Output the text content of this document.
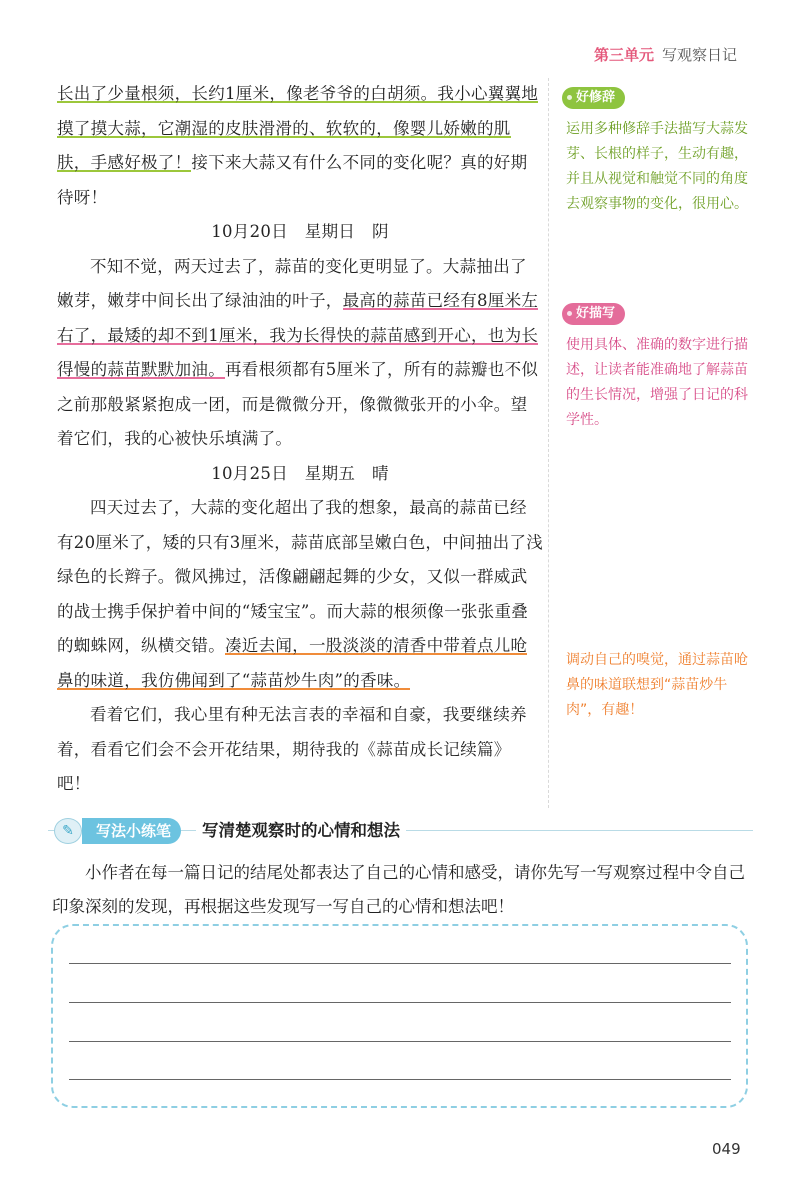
第三单元 写观察日记

长出了少量根须，长约1厘米，像老爷爷的白胡须。我小心翼翼地摸了摸大蒜，它潮湿的皮肤滑滑的、软软的，像婴儿娇嫩的肌肤，手感好极了！接下来大蒜又有什么不同的变化呢？真的好期待呀！

10月20日　星期日　阴

不知不觉，两天过去了，蒜苗的变化更明显了。大蒜抽出了嫩芽，嫩芽中间长出了绿油油的叶子，最高的蒜苗已经有8厘米左右了，最矮的却不到1厘米，我为长得快的蒜苗感到开心，也为长得慢的蒜苗默默加油。再看根须都有5厘米了，所有的蒜瓣也不似之前那般紧紧抱成一团，而是微微分开，像微微张开的小伞。望着它们，我的心被快乐填满了。

10月25日　星期五　晴

四天过去了，大蒜的变化超出了我的想象，最高的蒜苗已经有20厘米了，矮的只有3厘米，蒜苗底部呈嫩白色，中间抽出了浅绿色的长辫子。微风拂过，活像翩翩起舞的少女，又似一群威武的战士携手保护着中间的“矮宝宝”。而大蒜的根须像一张张重叠的蜘蛛网，纵横交错。凑近去闻，一股淡淡的清香中带着点儿呛鼻的味道，我仿佛闻到了“蒜苗炒牛肉”的香味。

看着它们，我心里有种无法言表的幸福和自豪，我要继续养着，看看它们会不会开花结果，期待我的《蒜苗成长记续篇》吧！

好修辞
运用多种修辞手法描写大蒜发芽、长根的样子，生动有趣，并且从视觉和触觉不同的角度去观察事物的变化，很用心。
好描写
使用具体、准确的数字进行描述，让读者能准确地了解蒜苗的生长情况，增强了日记的科学性。
调动自己的嗅觉，通过蒜苗呛鼻的味道联想到“蒜苗炒牛肉”，有趣！
写法小练笔
✎	写清楚观察时的心情和想法

小作者在每一篇日记的结尾处都表达了自己的心情和感受，请你先写一写观察过程中令自己印象深刻的发现，再根据这些发现写一写自己的心情和想法吧！

049
